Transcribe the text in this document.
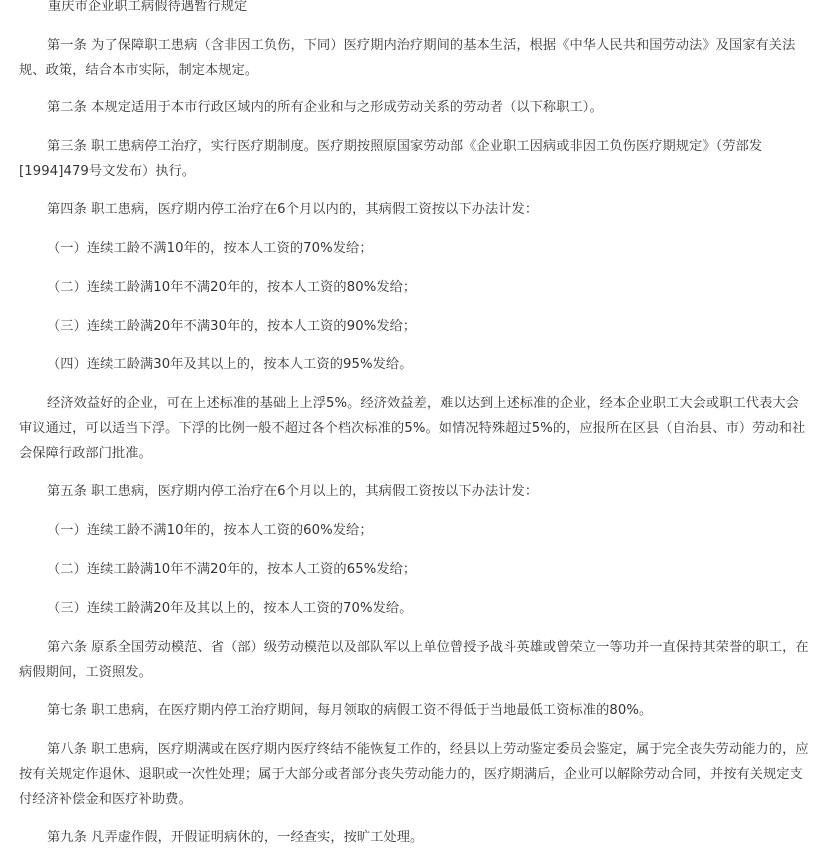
重庆市企业职工病假待遇暂行规定

第一条 为了保障职工患病（含非因工负伤，下同）医疗期内治疗期间的基本生活，根据《中华人民共和国劳动法》及国家有关法规、政策，结合本市实际，制定本规定。

第二条 本规定适用于本市行政区域内的所有企业和与之形成劳动关系的劳动者（以下称职工）。

第三条 职工患病停工治疗，实行医疗期制度。医疗期按照原国家劳动部《企业职工因病或非因工负伤医疗期规定》（劳部发[1994]479号文发布）执行。

第四条 职工患病，医疗期内停工治疗在6个月以内的，其病假工资按以下办法计发：

（一）连续工龄不满10年的，按本人工资的70%发给；

（二）连续工龄满10年不满20年的，按本人工资的80%发给；

（三）连续工龄满20年不满30年的，按本人工资的90%发给；

（四）连续工龄满30年及其以上的，按本人工资的95%发给。

经济效益好的企业，可在上述标准的基础上上浮5%。经济效益差，难以达到上述标准的企业，经本企业职工大会或职工代表大会审议通过，可以适当下浮。下浮的比例一般不超过各个档次标准的5%。如情况特殊超过5%的，应报所在区县（自治县、市）劳动和社会保障行政部门批准。

第五条 职工患病，医疗期内停工治疗在6个月以上的，其病假工资按以下办法计发：

（一）连续工龄不满10年的，按本人工资的60%发给；

（二）连续工龄满10年不满20年的，按本人工资的65%发给；

（三）连续工龄满20年及其以上的，按本人工资的70%发给。

第六条 原系全国劳动模范、省（部）级劳动模范以及部队军以上单位曾授予战斗英雄或曾荣立一等功并一直保持其荣誉的职工，在病假期间，工资照发。

第七条 职工患病，在医疗期内停工治疗期间，每月领取的病假工资不得低于当地最低工资标准的80%。

第八条 职工患病，医疗期满或在医疗期内医疗终结不能恢复工作的，经县以上劳动鉴定委员会鉴定，属于完全丧失劳动能力的，应按有关规定作退休、退职或一次性处理；属于大部分或者部分丧失劳动能力的，医疗期满后，企业可以解除劳动合同，并按有关规定支付经济补偿金和医疗补助费。

第九条 凡弄虚作假，开假证明病休的，一经查实，按旷工处理。
